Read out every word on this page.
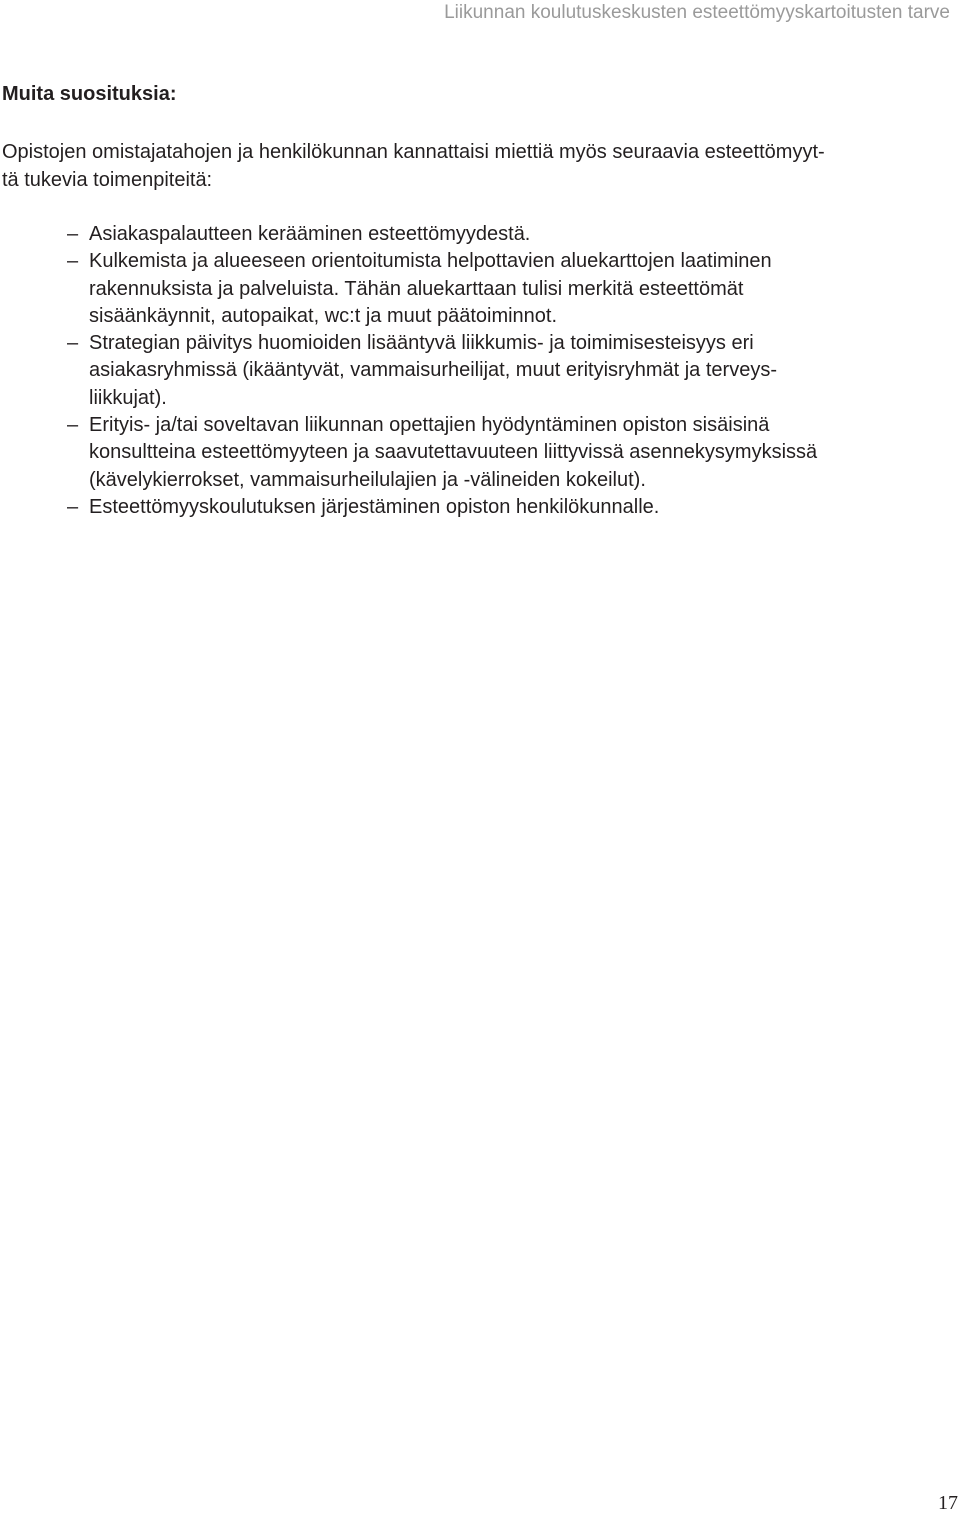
Liikunnan koulutuskeskusten esteettömyyskartoitusten tarve
Muita suosituksia:

Opistojen omistajatahojen ja henkilökunnan kannattaisi miettiä myös seuraavia esteettömyyt-
tä tukevia toimenpiteitä:

– Asiakaspalautteen kerääminen esteettömyydestä.
– Kulkemista ja alueeseen orientoitumista helpottavien aluekarttojen laatiminen
rakennuksista ja palveluista. Tähän aluekarttaan tulisi merkitä esteettömät
sisäänkäynnit, autopaikat, wc:t ja muut päätoiminnot.
– Strategian päivitys huomioiden lisääntyvä liikkumis- ja toimimisesteisyys eri
asiakasryhmissä (ikääntyvät, vammaisurheilijat, muut erityisryhmät ja terveys-
liikkujat).
– Erityis- ja/tai soveltavan liikunnan opettajien hyödyntäminen opiston sisäisinä
konsultteina esteettömyyteen ja saavutettavuuteen liittyvissä asennekysymyksissä
(kävelykierrokset, vammaisurheilulajien ja -välineiden kokeilut).
– Esteettömyyskoulutuksen järjestäminen opiston henkilökunnalle.
17
